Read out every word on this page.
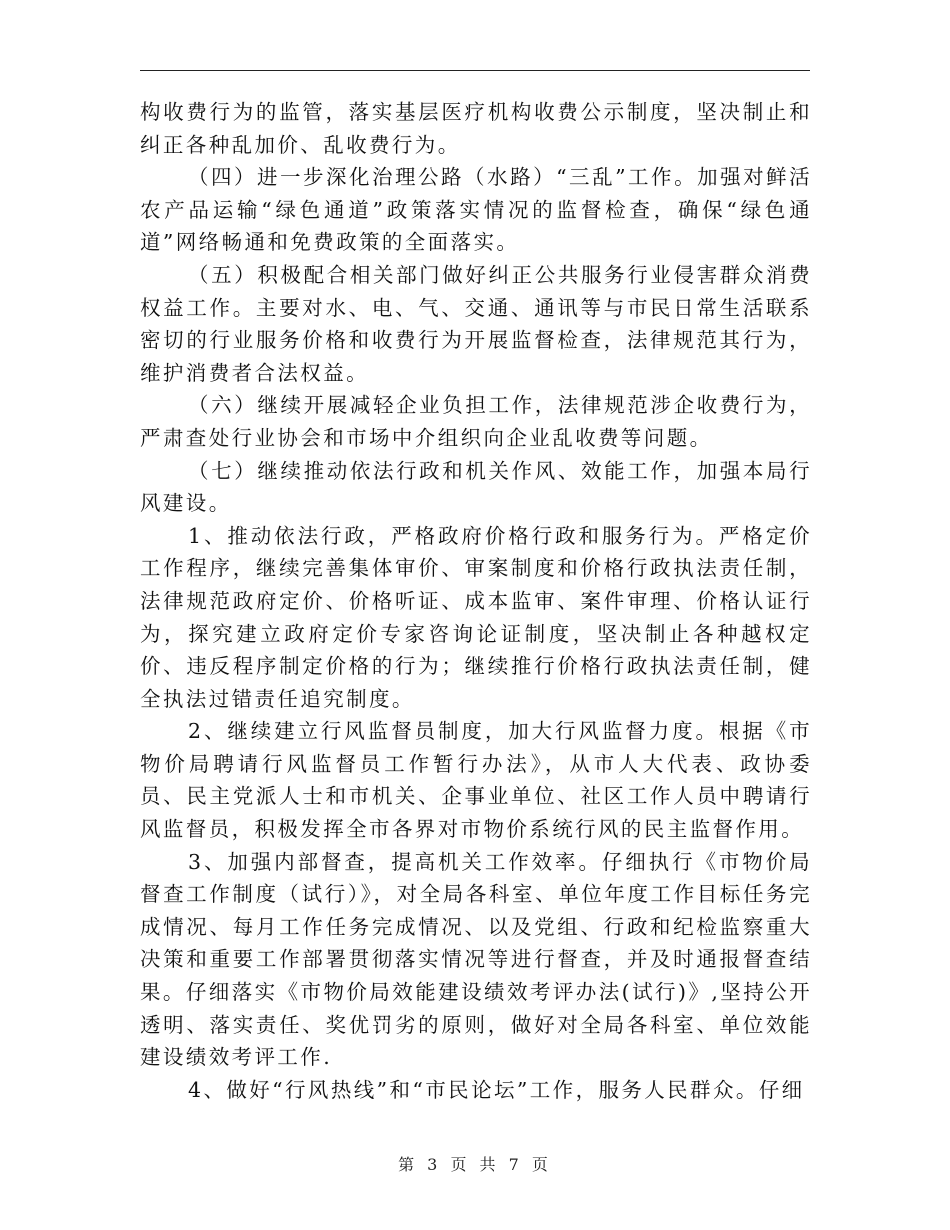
构收费行为的监管，落实基层医疗机构收费公示制度，坚决制止和纠正各种乱加价、乱收费行为。

（四）进一步深化治理公路（水路）“三乱”工作。加强对鲜活农产品运输“绿色通道”政策落实情况的监督检查，确保“绿色通道”网络畅通和免费政策的全面落实。

（五）积极配合相关部门做好纠正公共服务行业侵害群众消费权益工作。主要对水、电、气、交通、通讯等与市民日常生活联系密切的行业服务价格和收费行为开展监督检查，法律规范其行为，维护消费者合法权益。

（六）继续开展减轻企业负担工作，法律规范涉企收费行为，严肃查处行业协会和市场中介组织向企业乱收费等问题。

（七）继续推动依法行政和机关作风、效能工作，加强本局行风建设。

1、推动依法行政，严格政府价格行政和服务行为。严格定价工作程序，继续完善集体审价、审案制度和价格行政执法责任制，法律规范政府定价、价格听证、成本监审、案件审理、价格认证行为，探究建立政府定价专家咨询论证制度，坚决制止各种越权定价、违反程序制定价格的行为；继续推行价格行政执法责任制，健全执法过错责任追究制度。

2、继续建立行风监督员制度，加大行风监督力度。根据《市物价局聘请行风监督员工作暂行办法》，从市人大代表、政协委员、民主党派人士和市机关、企事业单位、社区工作人员中聘请行风监督员，积极发挥全市各界对市物价系统行风的民主监督作用。

3、加强内部督查，提高机关工作效率。仔细执行《市物价局督查工作制度（试行）》，对全局各科室、单位年度工作目标任务完成情况、每月工作任务完成情况、以及党组、行政和纪检监察重大决策和重要工作部署贯彻落实情况等进行督查，并及时通报督查结果。仔细落实《市物价局效能建设绩效考评办法(试行)》,坚持公开透明、落实责任、奖优罚劣的原则，做好对全局各科室、单位效能建设绩效考评工作.

4、做好“行风热线”和“市民论坛”工作，服务人民群众。仔细

第 3 页 共 7 页
